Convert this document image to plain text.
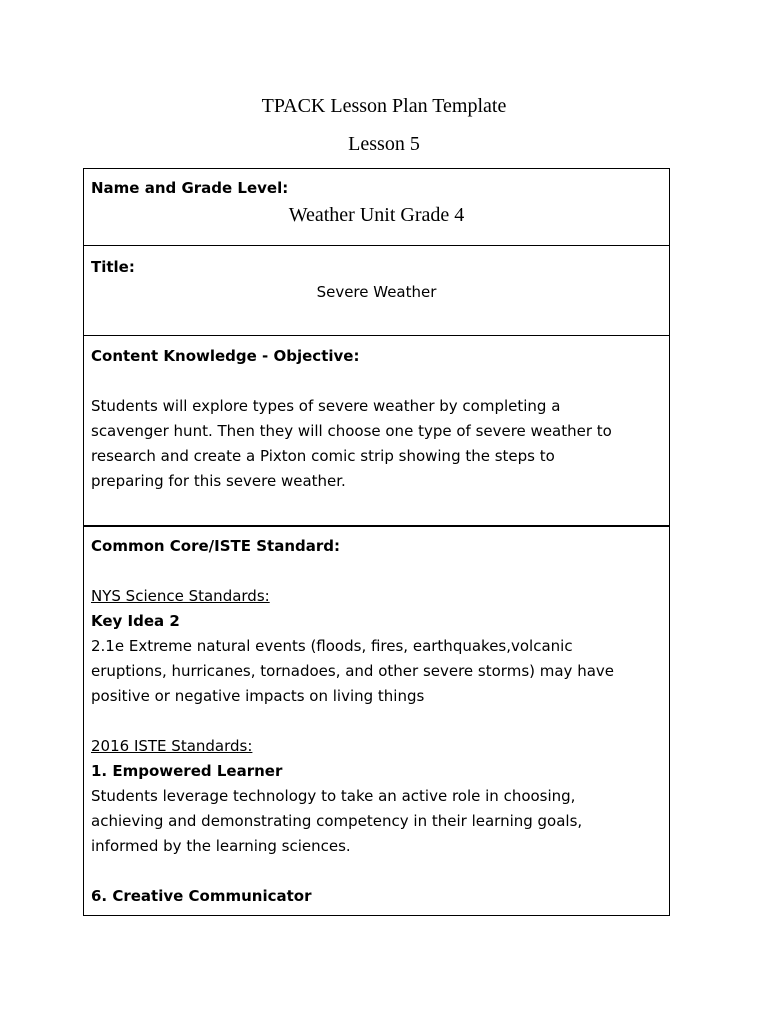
TPACK Lesson Plan Template
Lesson 5
Name and Grade Level:
Weather Unit Grade 4
Title:
Severe Weather
Content Knowledge - Objective:
Students will explore types of severe weather by completing a
scavenger hunt. Then they will choose one type of severe weather to
research and create a Pixton comic strip showing the steps to
preparing for this severe weather.
Common Core/ISTE Standard:
NYS Science Standards:
Key Idea 2
2.1e Extreme natural events (floods, fires, earthquakes,volcanic
eruptions, hurricanes, tornadoes, and other severe storms) may have
positive or negative impacts on living things
2016 ISTE Standards:
1. Empowered Learner
Students leverage technology to take an active role in choosing,
achieving and demonstrating competency in their learning goals,
informed by the learning sciences.
6. Creative Communicator
